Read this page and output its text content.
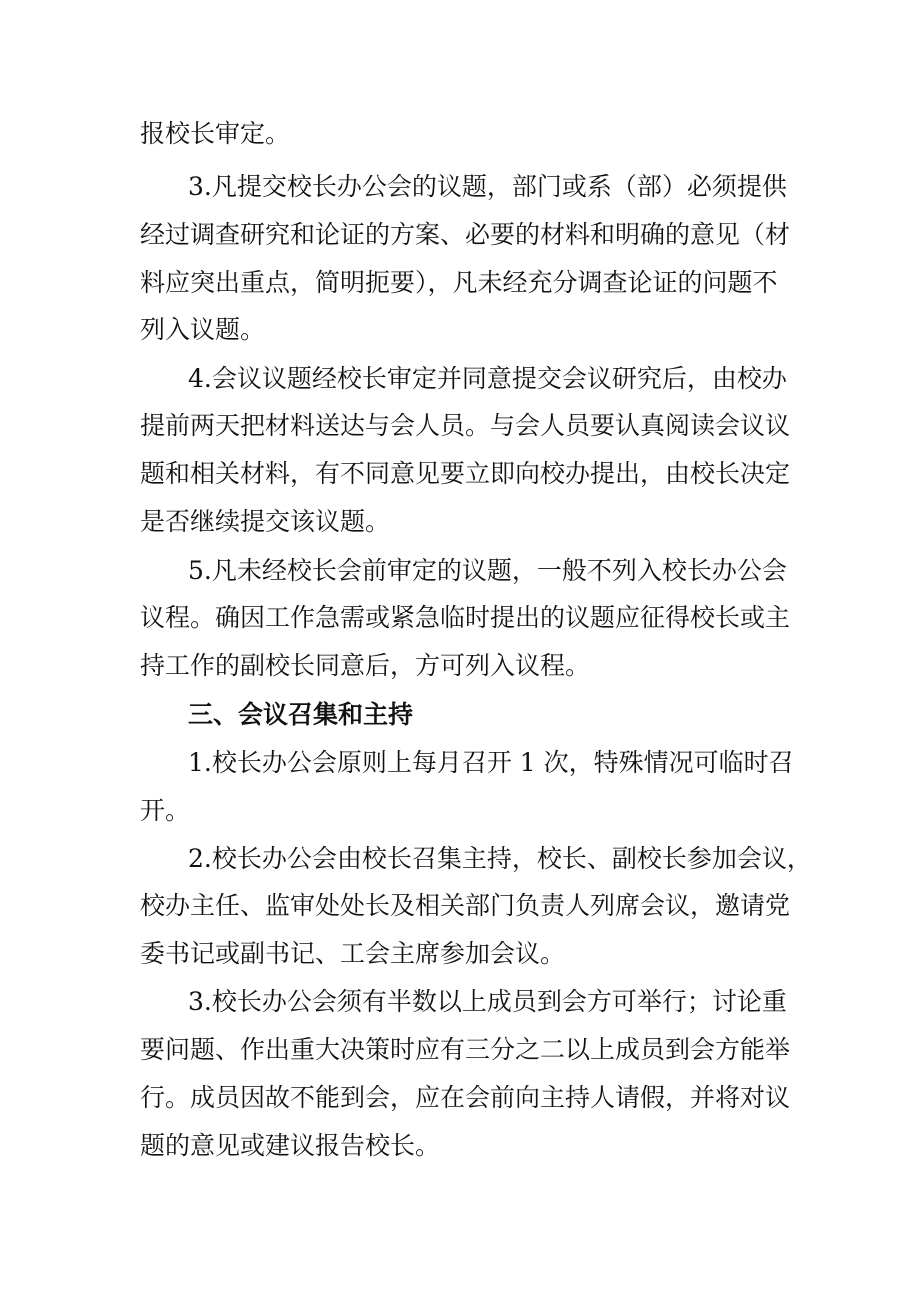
报校长审定。
3.凡提交校长办公会的议题，部门或系（部）必须提供
经过调查研究和论证的方案、必要的材料和明确的意见（材
料应突出重点，简明扼要），凡未经充分调查论证的问题不
列入议题。
4.会议议题经校长审定并同意提交会议研究后，由校办
提前两天把材料送达与会人员。与会人员要认真阅读会议议
题和相关材料，有不同意见要立即向校办提出，由校长决定
是否继续提交该议题。
5.凡未经校长会前审定的议题，一般不列入校长办公会
议程。确因工作急需或紧急临时提出的议题应征得校长或主
持工作的副校长同意后，方可列入议程。
三、会议召集和主持
1.校长办公会原则上每月召开 1 次，特殊情况可临时召
开。
2.校长办公会由校长召集主持，校长、副校长参加会议，
校办主任、监审处处长及相关部门负责人列席会议，邀请党
委书记或副书记、工会主席参加会议。
3.校长办公会须有半数以上成员到会方可举行；讨论重
要问题、作出重大决策时应有三分之二以上成员到会方能举
行。成员因故不能到会，应在会前向主持人请假，并将对议
题的意见或建议报告校长。
